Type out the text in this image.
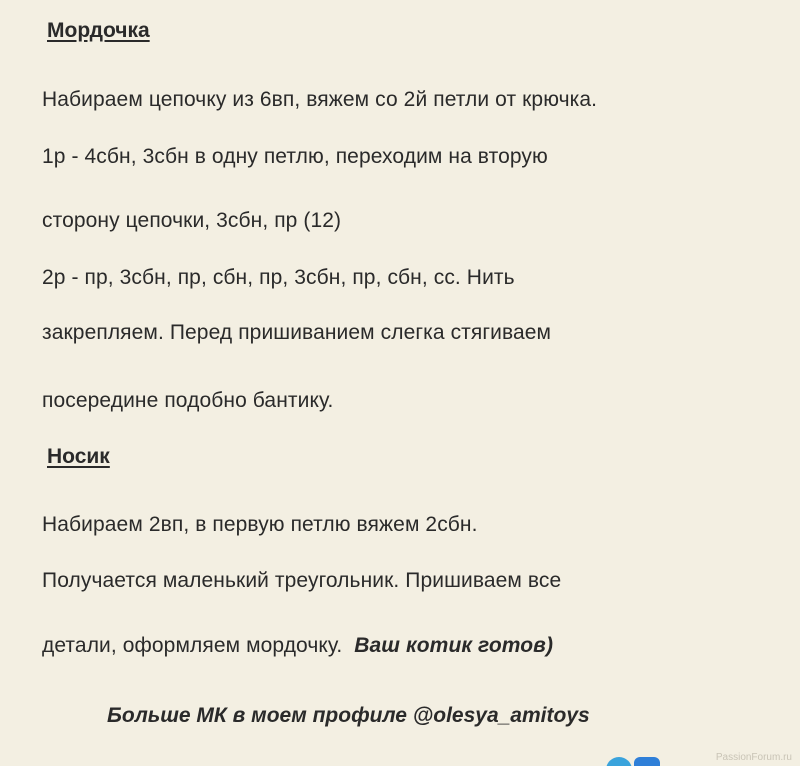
Мордочка
Набираем цепочку из 6вп, вяжем со 2й петли от крючка.
1р - 4сбн, 3сбн в одну петлю, переходим на вторую
сторону цепочки, 3сбн, пр (12)
2р - пр, 3сбн, пр, сбн, пр, 3сбн, пр, сбн, сс. Нить
закрепляем. Перед пришиванием слегка стягиваем
посередине подобно бантику.
Носик
Набираем 2вп, в первую петлю вяжем 2сбн.
Получается маленький треугольник. Пришиваем все
детали, оформляем мордочку. Ваш котик готов)
Больше МК в моем профиле @olesya_amitoys
PassionForum.ru
